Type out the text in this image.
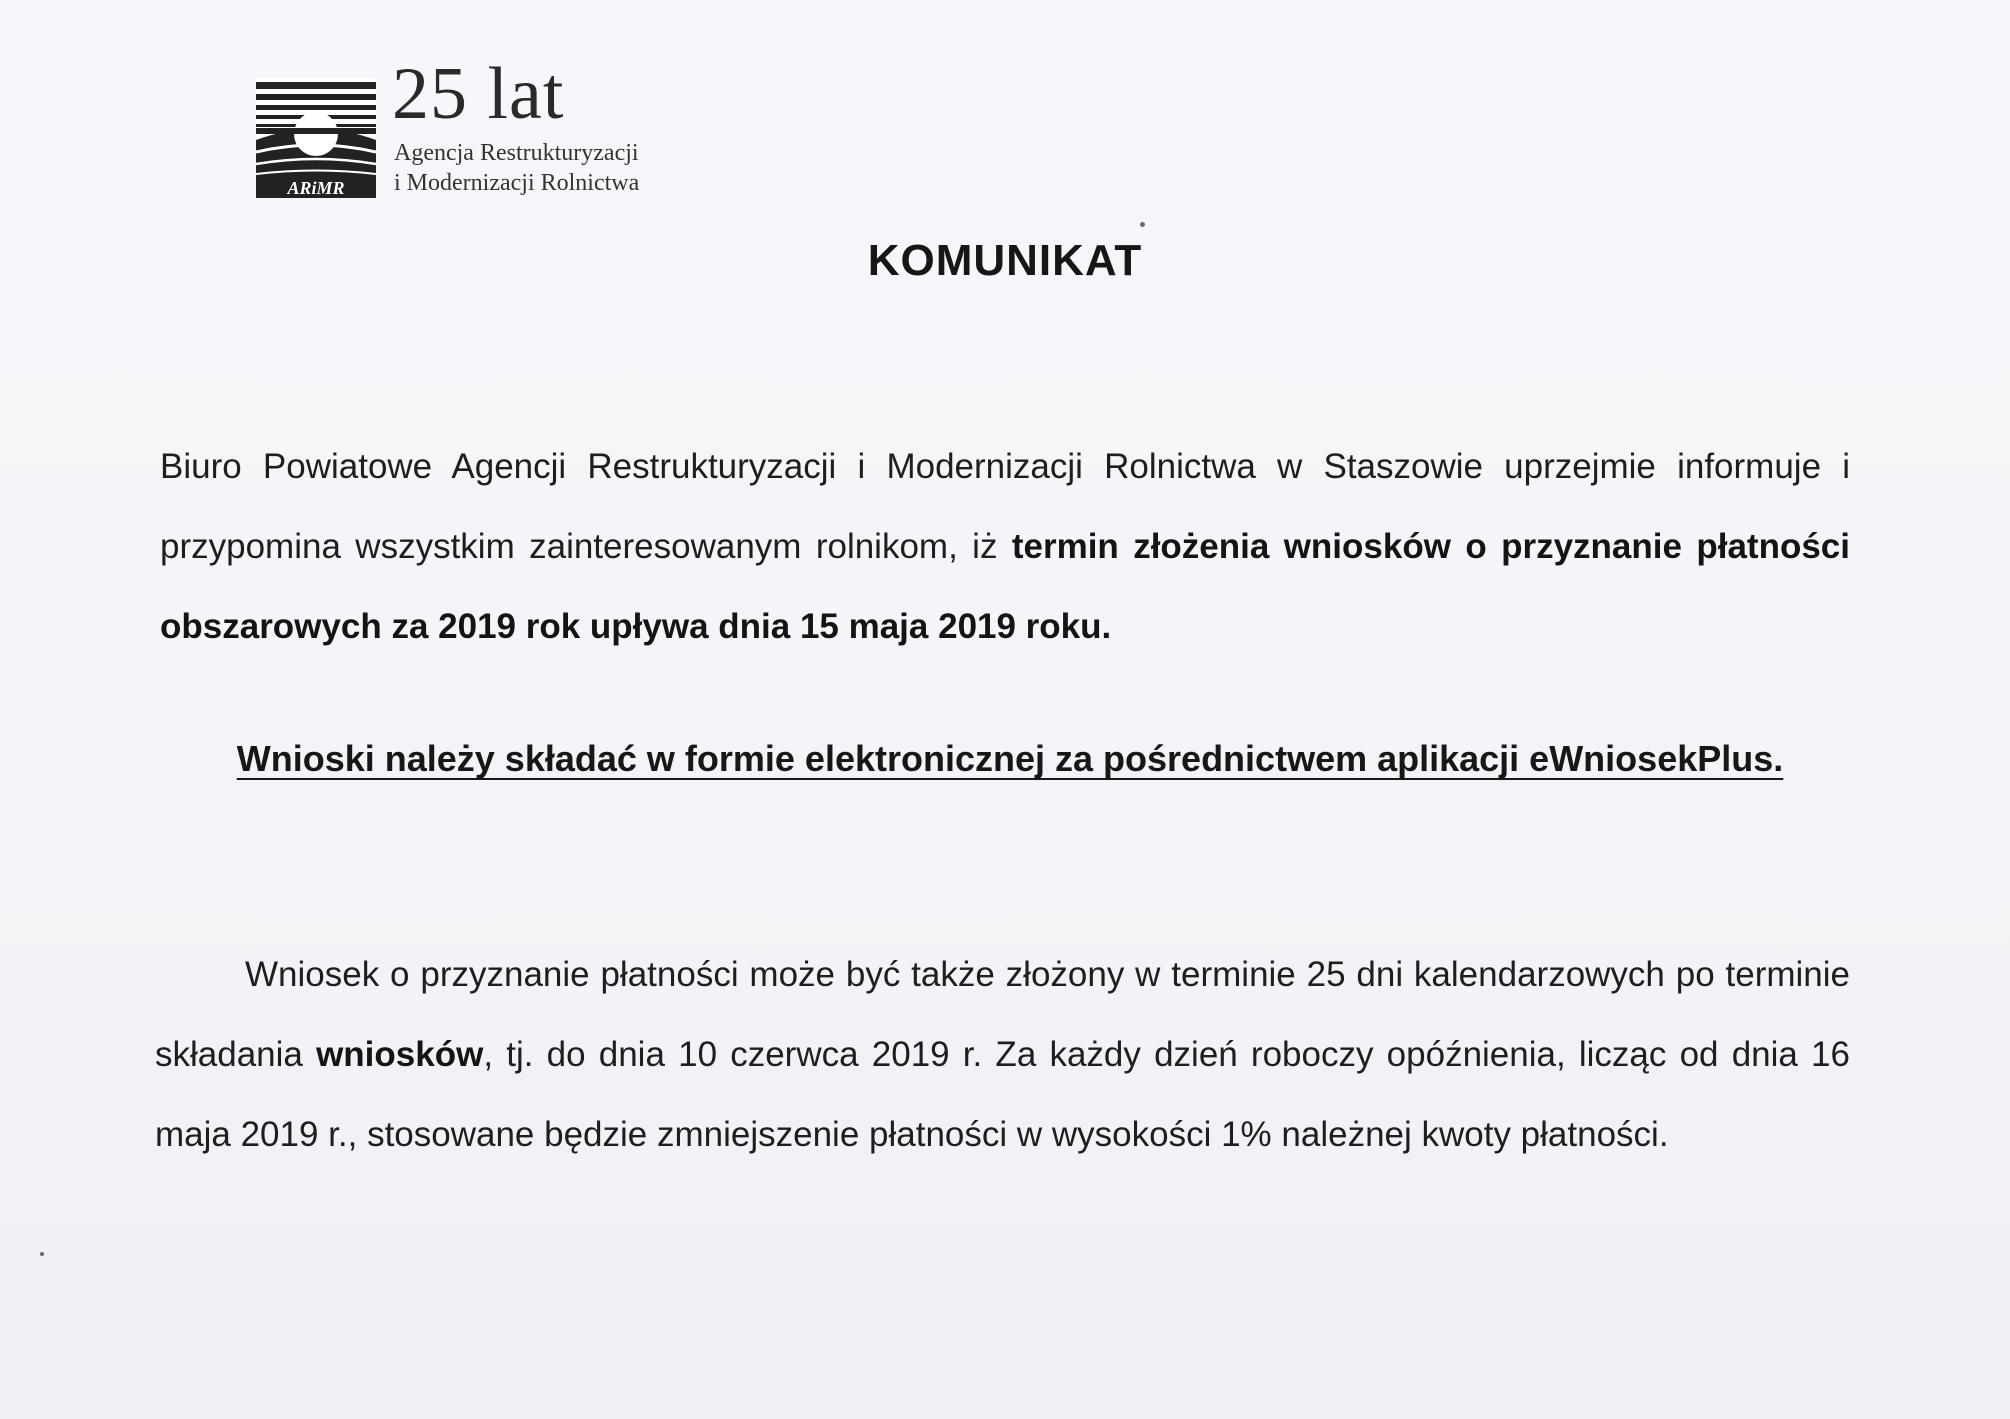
ARiMR
25 lat
Agencja Restrukturyzacji
i Modernizacji Rolnictwa
KOMUNIKAT

Biuro Powiatowe Agencji Restrukturyzacji i Modernizacji Rolnictwa w Staszowie uprzejmie informuje i przypomina wszystkim zainteresowanym rolnikom, iż termin złożenia wniosków o przyznanie płatności obszarowych za 2019 rok upływa dnia 15 maja 2019 roku.

Wnioski należy składać w formie elektronicznej za pośrednictwem aplikacji eWniosekPlus.

Wniosek o przyznanie płatności może być także złożony w terminie 25 dni kalendarzowych po terminie składania wniosków, tj. do dnia 10 czerwca 2019 r. Za każdy dzień roboczy opóźnienia, licząc od dnia 16 maja 2019 r., stosowane będzie zmniejszenie płatności w wysokości 1% należnej kwoty płatności.
